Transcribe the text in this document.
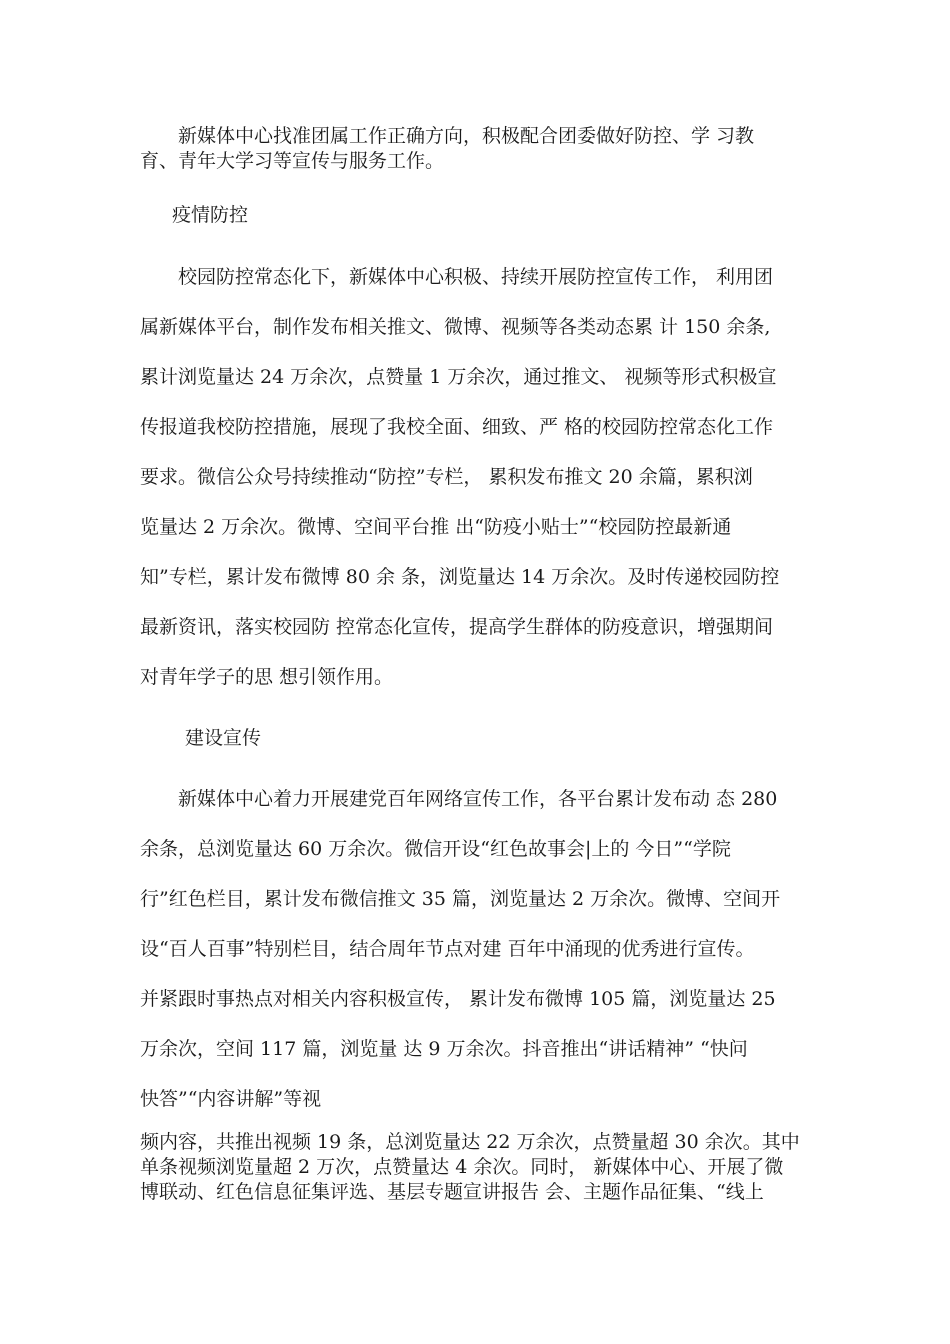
　　新媒体中心找准团属工作正确方向，积极配合团委做好防控、学 习教
育、青年大学习等宣传与服务工作。
疫情防控
　　校园防控常态化下，新媒体中心积极、持续开展防控宣传工作， 利用团
属新媒体平台，制作发布相关推文、微博、视频等各类动态累 计 150 余条,
累计浏览量达 24 万余次，点赞量 1 万余次，通过推文、 视频等形式积极宣
传报道我校防控措施，展现了我校全面、细致、严 格的校园防控常态化工作
要求。微信公众号持续推动“防控”专栏， 累积发布推文 20 余篇，累积浏
览量达 2 万余次。微博、空间平台推 出“防疫小贴士”“校园防控最新通
知”专栏，累计发布微博 80 余 条，浏览量达 14 万余次。及时传递校园防控
最新资讯，落实校园防 控常态化宣传，提高学生群体的防疫意识，增强期间
对青年学子的思 想引领作用。
建设宣传
　　新媒体中心着力开展建党百年网络宣传工作，各平台累计发布动 态 280
余条，总浏览量达 60 万余次。微信开设“红色故事会|上的 今日”“学院
行”红色栏目，累计发布微信推文 35 篇，浏览量达 2 万余次。微博、空间开
设“百人百事”特别栏目，结合周年节点对建 百年中涌现的优秀进行宣传。
并紧跟时事热点对相关内容积极宣传， 累计发布微博 105 篇，浏览量达 25
万余次，空间 117 篇，浏览量 达 9 万余次。抖音推出“讲话精神” “快问
快答”“内容讲解”等视
频内容，共推出视频 19 条，总浏览量达 22 万余次，点赞量超 30 余次。其中
单条视频浏览量超 2 万次，点赞量达 4 余次。同时， 新媒体中心、开展了微
博联动、红色信息征集评选、基层专题宣讲报告 会、主题作品征集、“线上
